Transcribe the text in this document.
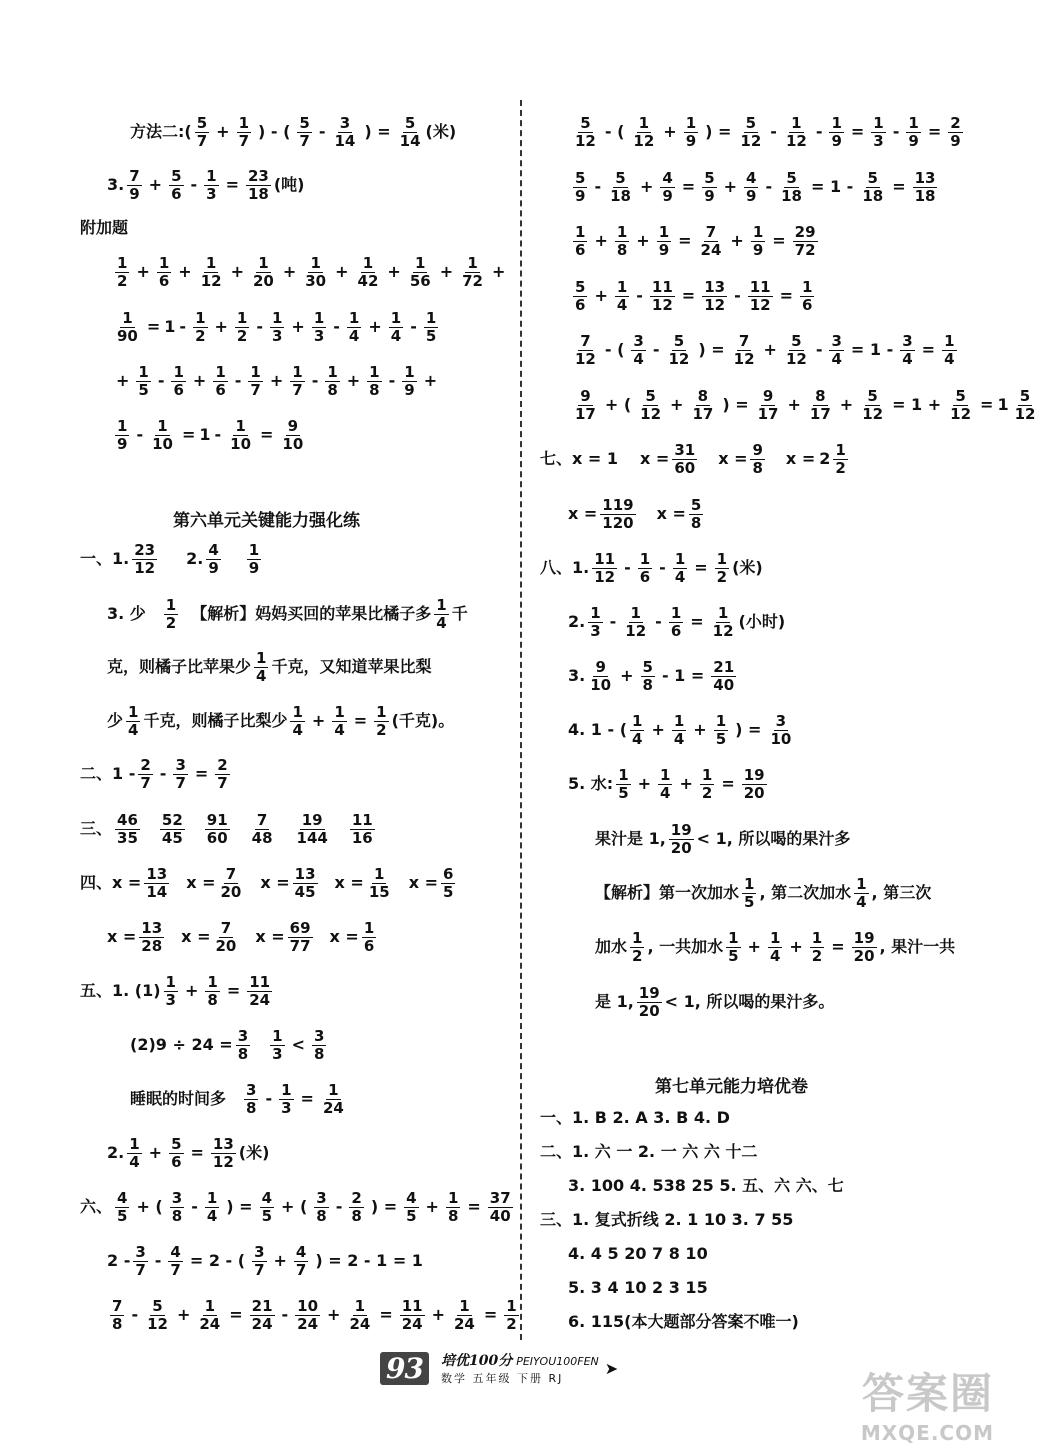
方法二:( $\frac{5}{7} + \frac{1}{7}$ ) - ( $\frac{5}{7} - \frac{3}{14}$ ) = $\frac{5}{14}$ (米)
3. $\frac{7}{9} + \frac{5}{6} - \frac{1}{3} = \frac{23}{18}$ (吨)
附加题
$\frac{1}{2} + \frac{1}{6} + \frac{1}{12} + \frac{1}{20} + \frac{1}{30} + \frac{1}{42} + \frac{1}{56} + \frac{1}{72}$ +
$\frac{1}{90} = 1 - \frac{1}{2} + \frac{1}{2} - \frac{1}{3} + \frac{1}{3} - \frac{1}{4} + \frac{1}{4} - \frac{1}{5}$
+ $\frac{1}{5} - \frac{1}{6} + \frac{1}{6} - \frac{1}{7} + \frac{1}{7} - \frac{1}{8} + \frac{1}{8} - \frac{1}{9}$ +
$\frac{1}{9} - \frac{1}{10} = 1 - \frac{1}{10} = \frac{9}{10}$
第六单元关键能力强化练
一、1. $\frac{23}{12} 2$. $\frac{4}{9} \frac{1}{9}$
3. 少 $\frac{1}{2}$ 【解析】妈妈买回的苹果比橘子多 $\frac{1}{4}$ 千
克，则橘子比苹果少 $\frac{1}{4}$ 千克，又知道苹果比梨
少 $\frac{1}{4}$ 千克，则橘子比梨少 $\frac{1}{4} + \frac{1}{4} = \frac{1}{2}$ (千克)。
二、$1 - \frac{2}{7} - \frac{3}{7} = \frac{2}{7}$
三、 $\frac{46}{35} \frac{52}{45} \frac{91}{60} \frac{7}{48} \frac{19}{144} \frac{11}{16}$
四、 $x = \frac{13}{14}$ $x = \frac{7}{20}$ $x = \frac{13}{45}$ $x = \frac{1}{15}$ $x = \frac{6}{5}$
$x = \frac{13}{28}$ $x = \frac{7}{20}$ $x = \frac{69}{77}$ $x = \frac{1}{6}$
五、1. $(1) \frac{1}{3} + \frac{1}{8} = \frac{11}{24}$
$(2)9 \div 24 = \frac{3}{8} \frac{1}{3} < \frac{3}{8}$
睡眠的时间多 $\frac{3}{8} - \frac{1}{3} = \frac{1}{24}$
2. $\frac{1}{4} + \frac{5}{6} = \frac{13}{12}$ (米)
六、 $\frac{4}{5}$ + ( $\frac{3}{8} - \frac{1}{4}$ ) = $\frac{4}{5}$ + ( $\frac{3}{8} - \frac{2}{8}$ ) = $\frac{4}{5} + \frac{1}{8} = \frac{37}{40}$
$2 - \frac{3}{7} - \frac{4}{7} = 2$ - ( $\frac{3}{7} + \frac{4}{7}$ ) = 2 - 1 = 1
$\frac{7}{8} - \frac{5}{12} + \frac{1}{24} = \frac{21}{24} - \frac{10}{24} + \frac{1}{24} = \frac{11}{24} + \frac{1}{24} = \frac{1}{2}$
$\frac{5}{12}$ - ( $\frac{1}{12} + \frac{1}{9}$ ) = $\frac{5}{12} - \frac{1}{12} - \frac{1}{9} = \frac{1}{3} - \frac{1}{9} = \frac{2}{9}$
$\frac{5}{9} - \frac{5}{18} + \frac{4}{9} = \frac{5}{9} + \frac{4}{9} - \frac{5}{18} = 1 - \frac{5}{18} = \frac{13}{18}$
$\frac{1}{6} + \frac{1}{8} + \frac{1}{9} = \frac{7}{24} + \frac{1}{9} = \frac{29}{72}$
$\frac{5}{6} + \frac{1}{4} - \frac{11}{12} = \frac{13}{12} - \frac{11}{12} = \frac{1}{6}$
$\frac{7}{12}$ - ( $\frac{3}{4} - \frac{5}{12}$ ) = $\frac{7}{12} + \frac{5}{12} - \frac{3}{4} = 1 - \frac{3}{4} = \frac{1}{4}$
$\frac{9}{17}$ + ( $\frac{5}{12} + \frac{8}{17}$ ) = $\frac{9}{17} + \frac{8}{17} + \frac{5}{12} = 1 + \frac{5}{12} = 1 \frac{5}{12}$
七、 x = 1 $x = \frac{31}{60}$ $x = \frac{9}{8}$ $x = 2 \frac{1}{2}$
$x = \frac{119}{120}$ $x = \frac{5}{8}$
八、1. $\frac{11}{12} - \frac{1}{6} - \frac{1}{4} = \frac{1}{2}$ (米)
2. $\frac{1}{3} - \frac{1}{12} - \frac{1}{6} = \frac{1}{12}$ (小时)
3. $\frac{9}{10} + \frac{5}{8} - 1 = \frac{21}{40}$
4. 1 - ( $\frac{1}{4} + \frac{1}{4} + \frac{1}{5}$ ) = $\frac{3}{10}$
5. 水: $\frac{1}{5} + \frac{1}{4} + \frac{1}{2} = \frac{19}{20}$
果汁是 1, $\frac{19}{20} < 1$, 所以喝的果汁多
【解析】第一次加水 $\frac{1}{5}$ , 第二次加水 $\frac{1}{4}$ , 第三次
加水 $\frac{1}{2}$ , 一共加水 $\frac{1}{5} + \frac{1}{4} + \frac{1}{2} = \frac{19}{20}$ , 果汁一共
是 1, $\frac{19}{20} < 1$, 所以喝的果汁多。
第七单元能力培优卷
一、1. B 2. A 3. B 4. D
二、1. 六 一 2. 一 六 六 十二
3. 100 4. 538 25 5. 五、六 六、七
三、1. 复式折线 2. 1 10 3. 7 55
4. 4 5 20 7 8 10
5. 3 4 10 2 3 15
6. 115(本大题部分答案不唯一)
93	培优100分 PEIYOU100FEN
数学 五年级 下册 RJ
➤
答案圈
MXQE.COM
